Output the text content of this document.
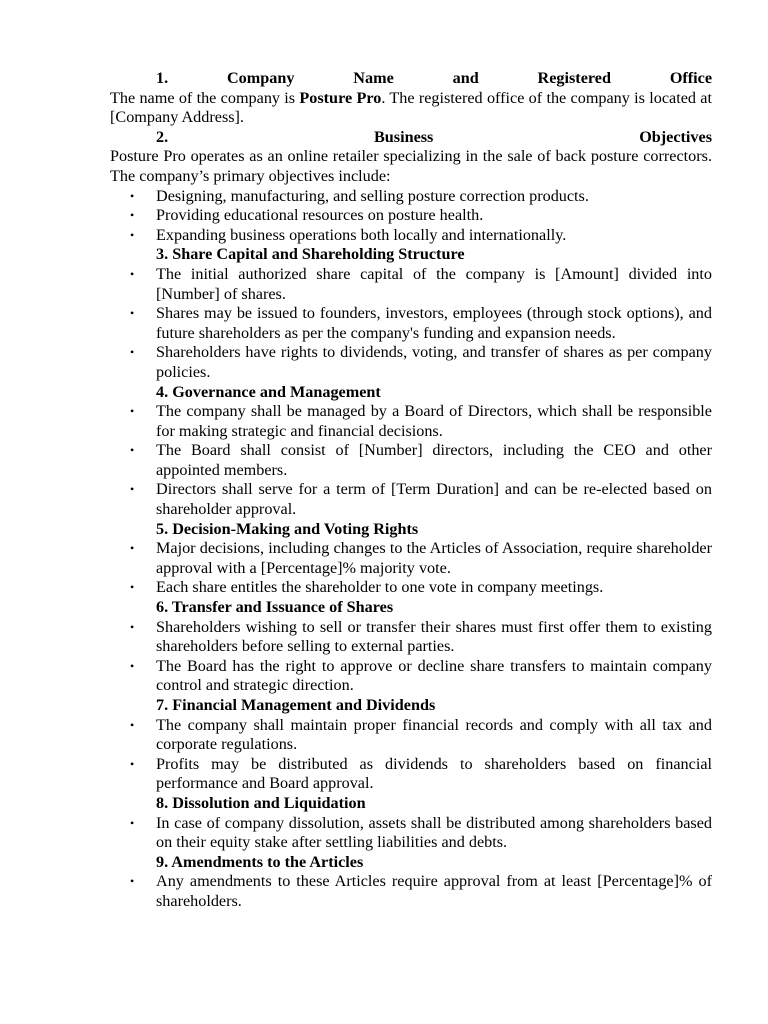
1.	Company	Name	and	Registered	Office

The name of the company is Posture Pro. The registered office of the company is located at [Company Address].

2.	Business	Objectives

Posture Pro operates as an online retailer specializing in the sale of back posture correctors. The company’s primary objectives include:

• Designing, manufacturing, and selling posture correction products.
• Providing educational resources on posture health.
• Expanding business operations both locally and internationally.
3. Share Capital and Shareholding Structure
• The initial authorized share capital of the company is [Amount] divided into [Number] of shares.
• Shares may be issued to founders, investors, employees (through stock options), and future shareholders as per the company's funding and expansion needs.
• Shareholders have rights to dividends, voting, and transfer of shares as per company policies.
4. Governance and Management
• The company shall be managed by a Board of Directors, which shall be responsible for making strategic and financial decisions.
• The Board shall consist of [Number] directors, including the CEO and other appointed members.
• Directors shall serve for a term of [Term Duration] and can be re-elected based on shareholder approval.
5. Decision-Making and Voting Rights
• Major decisions, including changes to the Articles of Association, require shareholder approval with a [Percentage]% majority vote.
• Each share entitles the shareholder to one vote in company meetings.
6. Transfer and Issuance of Shares
• Shareholders wishing to sell or transfer their shares must first offer them to existing shareholders before selling to external parties.
• The Board has the right to approve or decline share transfers to maintain company control and strategic direction.
7. Financial Management and Dividends
• The company shall maintain proper financial records and comply with all tax and corporate regulations.
• Profits may be distributed as dividends to shareholders based on financial performance and Board approval.
8. Dissolution and Liquidation
• In case of company dissolution, assets shall be distributed among shareholders based on their equity stake after settling liabilities and debts.
9. Amendments to the Articles
• Any amendments to these Articles require approval from at least [Percentage]% of shareholders.
